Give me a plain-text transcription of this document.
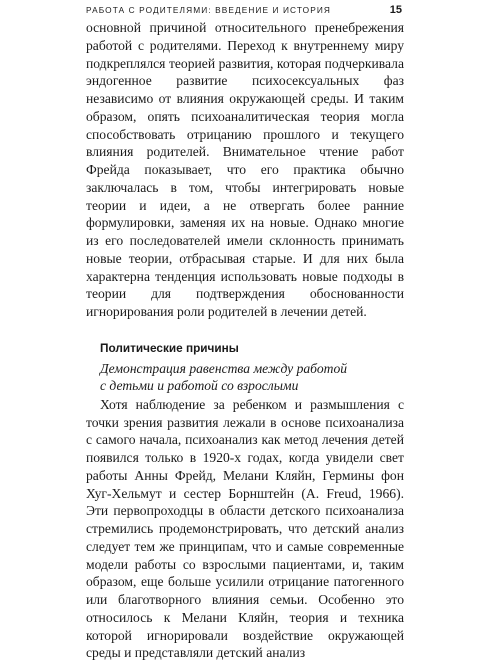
РАБОТА С РОДИТЕЛЯМИ: ВВЕДЕНИЕ И ИСТОРИЯ	15

основной причиной относительного пренебрежения работой с родителями. Переход к внутреннему миру подкреплялся теорией развития, которая подчеркивала эндогенное развитие психосексуальных фаз независимо от влияния окружающей среды. И таким образом, опять психоаналитическая теория могла способствовать отрицанию прошлого и текущего влияния родителей. Внимательное чтение работ Фрейда показывает, что его практика обычно заключалась в том, чтобы интегрировать новые теории и идеи, а не отвергать более ранние формулировки, заменяя их на новые. Однако многие из его последователей имели склонность принимать новые теории, отбрасывая старые. И для них была характерна тенденция использовать новые подходы в теории для подтверждения обоснованности игнорирования роли родителей в лечении детей.

Политические причины
Демонстрация равенства между работой
с детьми и работой со взрослыми

Хотя наблюдение за ребенком и размышления с точки зрения развития лежали в основе психоанализа с самого начала, психоанализ как метод лечения детей появился только в 1920-х годах, когда увидели свет работы Анны Фрейд, Мелани Кляйн, Гермины фон Хуг-Хельмут и сестер Борнштейн (A. Freud, 1966). Эти первопроходцы в области детского психоанализа стремились продемонстрировать, что детский анализ следует тем же принципам, что и самые современные модели работы со взрослыми пациентами, и, таким образом, еще больше усилили отрицание патогенного или благотворного влияния семьи. Особенно это относилось к Мелани Кляйн, теория и техника которой игнорировали воздействие окружающей среды и представляли детский анализ
